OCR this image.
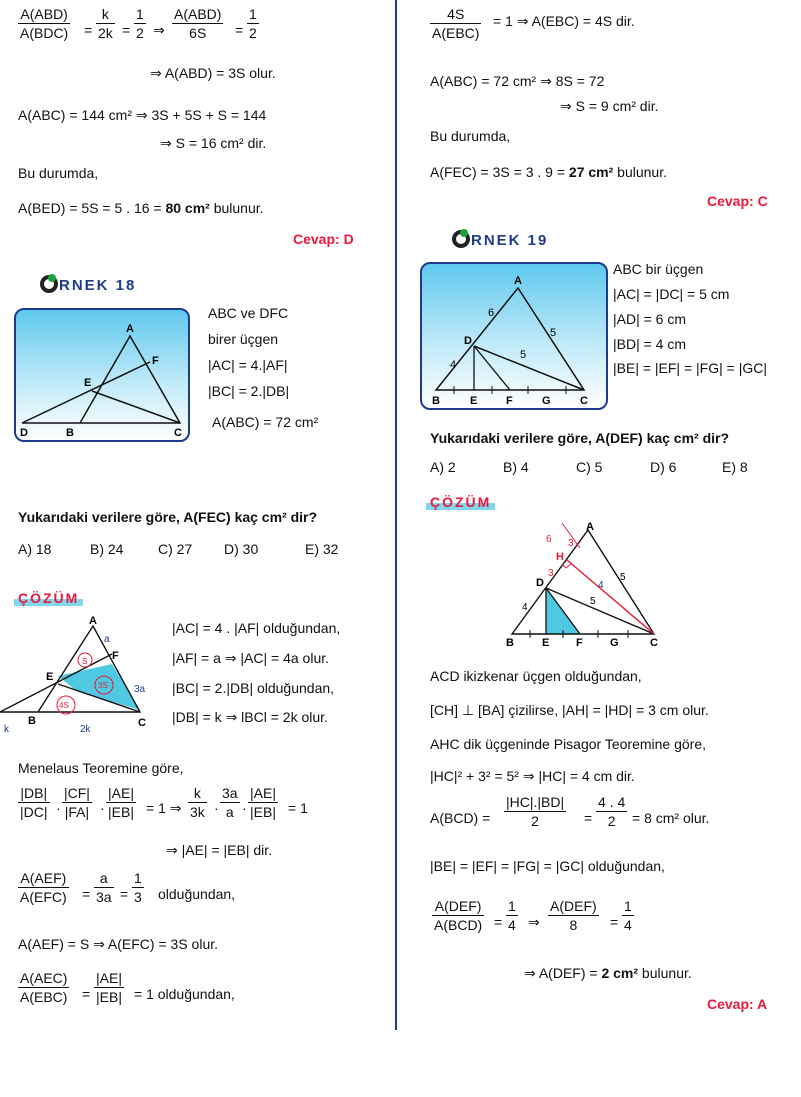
A(ABD)
$A(BDC) = \frac{k}{2k} = \frac{1}{2}$ ⇒
A(ABD)
6S	= $\frac{1}{2}$
⇒ A(ABD) = 3S olur.
A(ABC) = 144 cm² ⇒ 3S + 5S + S = 144
⇒ S = 16 cm² dir.
Bu durumda,
A(BED) = 5S = 5 . 16 = 80 cm² bulunur.
Cevap: D
RNEK 18
A
F
E
D	B	C
ABC ve DFC
birer üçgen
|AC| = 4.|AF|
|BC| = 2.|DB|
A(ABC) = 72 cm²
Yukarıdaki verilere göre, A(FEC) kaç cm² dir?
A) 18	B) 24 C) 27 D) 30	E) 32
ÇÖZÜM
A
F
E
B	C
a
3a
k	2k
S
3S
4S
|AC| = 4 . |AF| olduğundan,
|AF| = a ⇒ |AC| = 4a olur.
|BC| = 2.|DB| olduğundan,
|DB| = k ⇒ lBCl = 2k olur.
Menelaus Teoremine göre,
$\frac{|DB|}{|DC|} \cdot \frac{|CF|}{|FA|} \cdot \frac{|AE|}{|EB|} = 1$ ⇒ $\frac{k}{3k} \cdot \frac{3a}{a} \cdot \frac{|AE|}{|EB|} = 1$
⇒ |AE| = |EB| dir.
A(AEF)
$A(EFC) = \frac{a}{3a} = \frac{1}{3}$ olduğundan,
A(AEF) = S ⇒ A(EFC) = 3S olur.
A(AEC)
$A(EBC) = \frac{|AE|}{|EB|} = 1$ olduğundan,
4S
A(EBC)
= 1 ⇒ A(EBC) = 4S dir.
A(ABC) = 72 cm² ⇒ 8S = 72
⇒ S = 9 cm² dir.
Bu durumda,
A(FEC) = 3S = 3 . 9 = 27 cm² bulunur.
Cevap: C
RNEK 19
A
D
B	E	F	G	C
6
5
4
5
ABC bir üçgen
|AC| = |DC| = 5 cm
|AD| = 6 cm
|BD| = 4 cm
|BE| = |EF| = |FG| = |GC|
Yukarıdaki verilere göre, A(DEF) kaç cm² dir?
A) 2	B) 4	C) 5	D) 6	E) 8
ÇÖZÜM
A
H
D
B	E F G	C
6 3
3
4
5
4
5
ACD ikizkenar üçgen olduğundan,
[CH] ⊥ [BA] çizilirse, |AH| = |HD| = 3 cm olur.
AHC dik üçgeninde Pisagor Teoremine göre,
|HC|² + 3² = 5² ⇒ |HC| = 4 cm dir.
$A(BCD) = \frac{|HC|.|BD|}{2} = \frac{4 . 4}{2} = 8$ cm² olur.
|BE| = |EF| = |FG| = |GC| olduğundan,
A(DEF)
$A(BCD) = \frac{1}{4}$ ⇒
A(DEF)
8	= $\frac{1}{4}$
⇒ A(DEF) = 2 cm² bulunur.
Cevap: A
